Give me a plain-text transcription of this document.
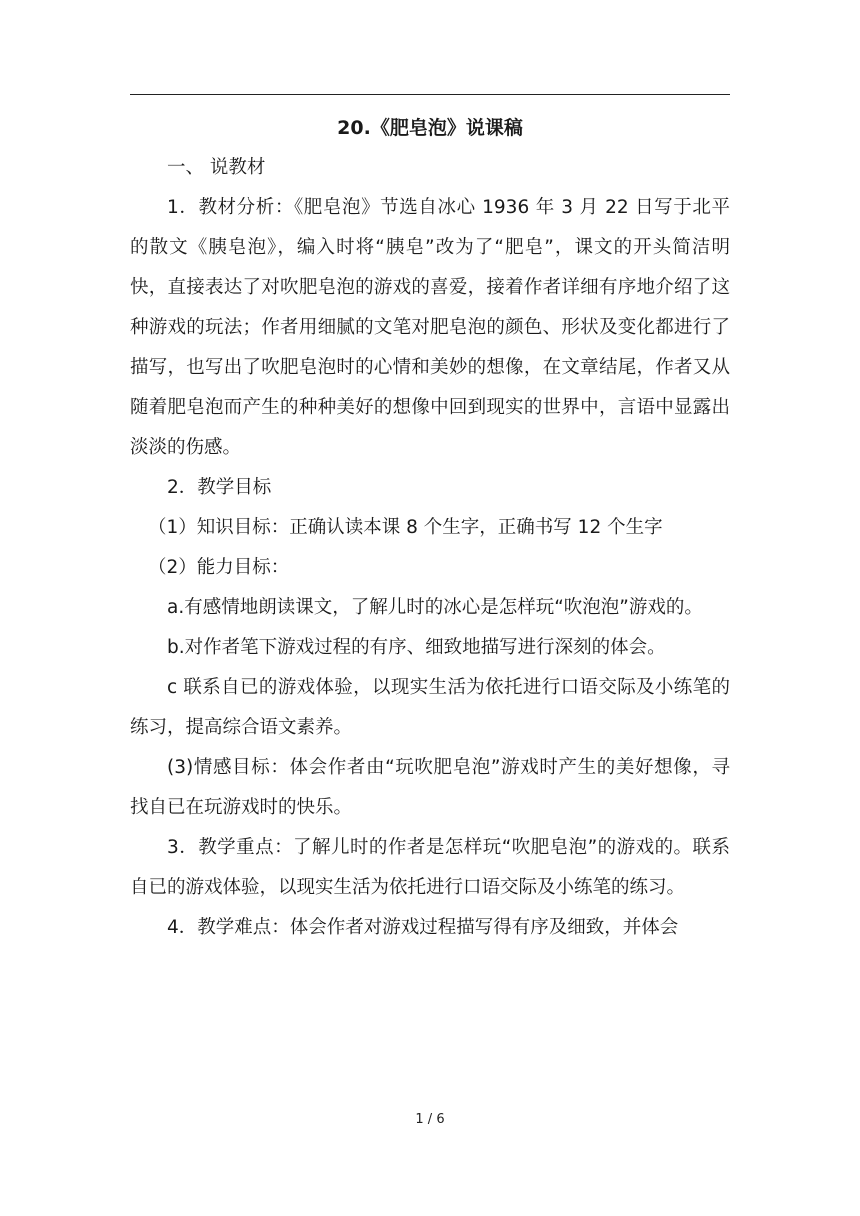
20.《肥皂泡》说课稿

一、 说教材

1．教材分析：《肥皂泡》节选自冰心 1936 年 3 月 22 日写于北平的散文《胰皂泡》，编入时将“胰皂”改为了“肥皂”，课文的开头简洁明快，直接表达了对吹肥皂泡的游戏的喜爱，接着作者详细有序地介绍了这种游戏的玩法；作者用细腻的文笔对肥皂泡的颜色、形状及变化都进行了描写，也写出了吹肥皂泡时的心情和美妙的想像，在文章结尾，作者又从随着肥皂泡而产生的种种美好的想像中回到现实的世界中，言语中显露出淡淡的伤感。

2．教学目标

（1）知识目标：正确认读本课 8 个生字，正确书写 12 个生字

（2）能力目标：

a.有感情地朗读课文，了解儿时的冰心是怎样玩“吹泡泡”游戏的。

b.对作者笔下游戏过程的有序、细致地描写进行深刻的体会。

c 联系自已的游戏体验，以现实生活为依托进行口语交际及小练笔的练习，提高综合语文素养。

(3)情感目标：体会作者由“玩吹肥皂泡”游戏时产生的美好想像，寻找自已在玩游戏时的快乐。

3．教学重点：了解儿时的作者是怎样玩“吹肥皂泡”的游戏的。联系自已的游戏体验，以现实生活为依托进行口语交际及小练笔的练习。

4．教学难点：体会作者对游戏过程描写得有序及细致，并体会

1 / 6
